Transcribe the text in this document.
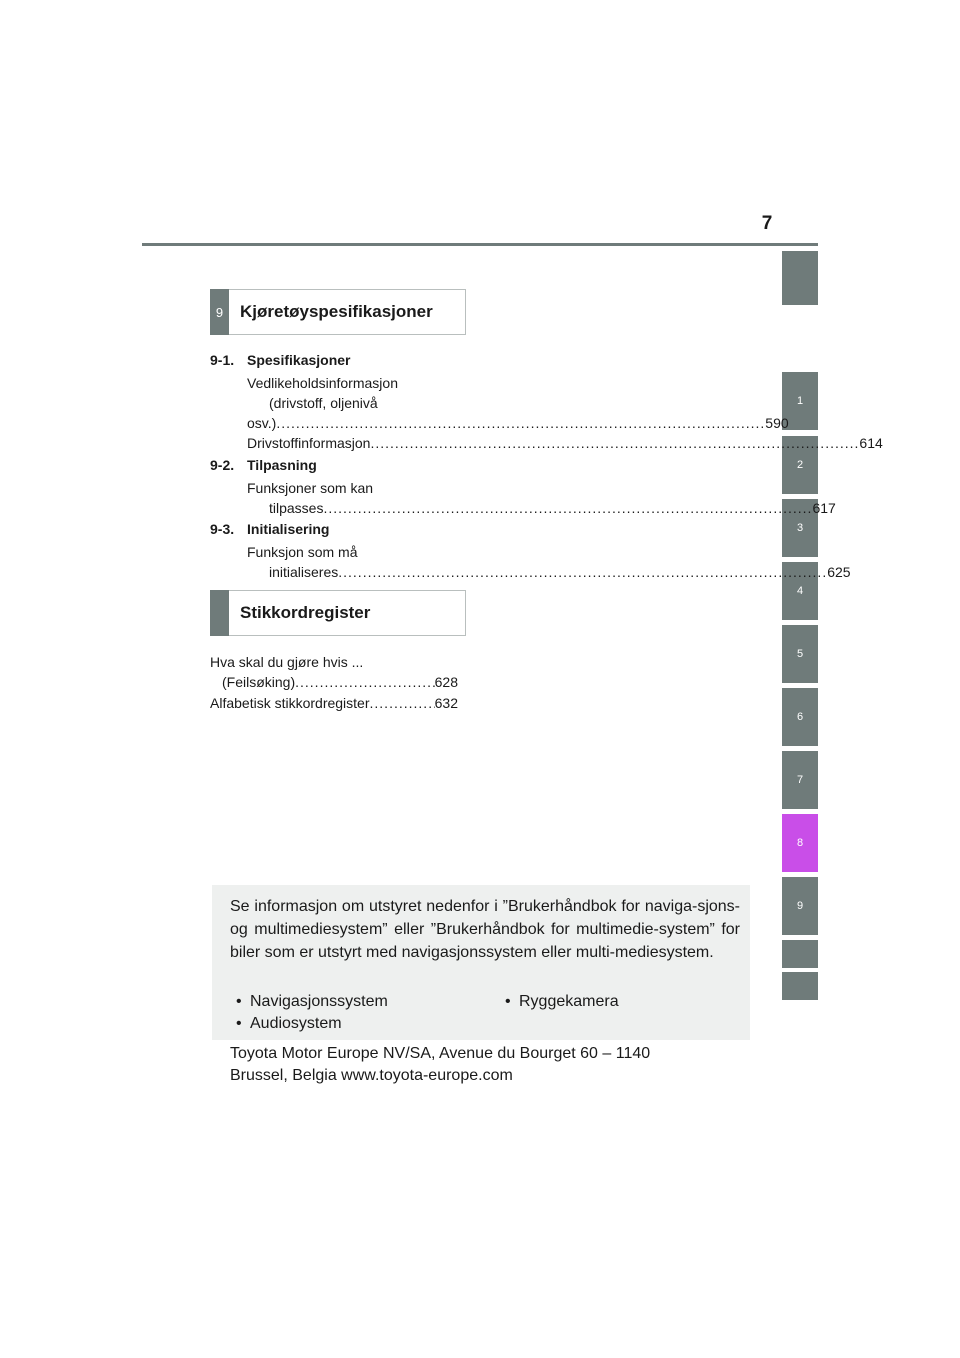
7
1
2
3
4
5
6
7
8
9
9 Kjøretøyspesifikasjoner
9-1. Spesifikasjoner
Vedlikeholdsinformasjon
(drivstoff, oljenivå
osv.) .....	590
Drivstoffinformasjon .....	614
9-2. Tilpasning
Funksjoner som kan
tilpasses .....	617
9-3. Initialisering
Funksjon som må
initialiseres .....	625
Stikkordregister
Hva skal du gjøre hvis ...
(Feilsøking) .....	628
Alfabetisk stikkordregister .....	632
Se informasjon om utstyret nedenfor i ”Brukerhåndbok for naviga-sjons- og multimediesystem” eller ”Brukerhåndbok for multimedie-system” for biler som er utstyrt med navigasjonssystem eller multi-mediesystem.
• Navigasjonssystem
• Audiosystem
• Ryggekamera
Toyota Motor Europe NV/SA, Avenue du Bourget 60 – 1140
Brussel, Belgia www.toyota-europe.com
